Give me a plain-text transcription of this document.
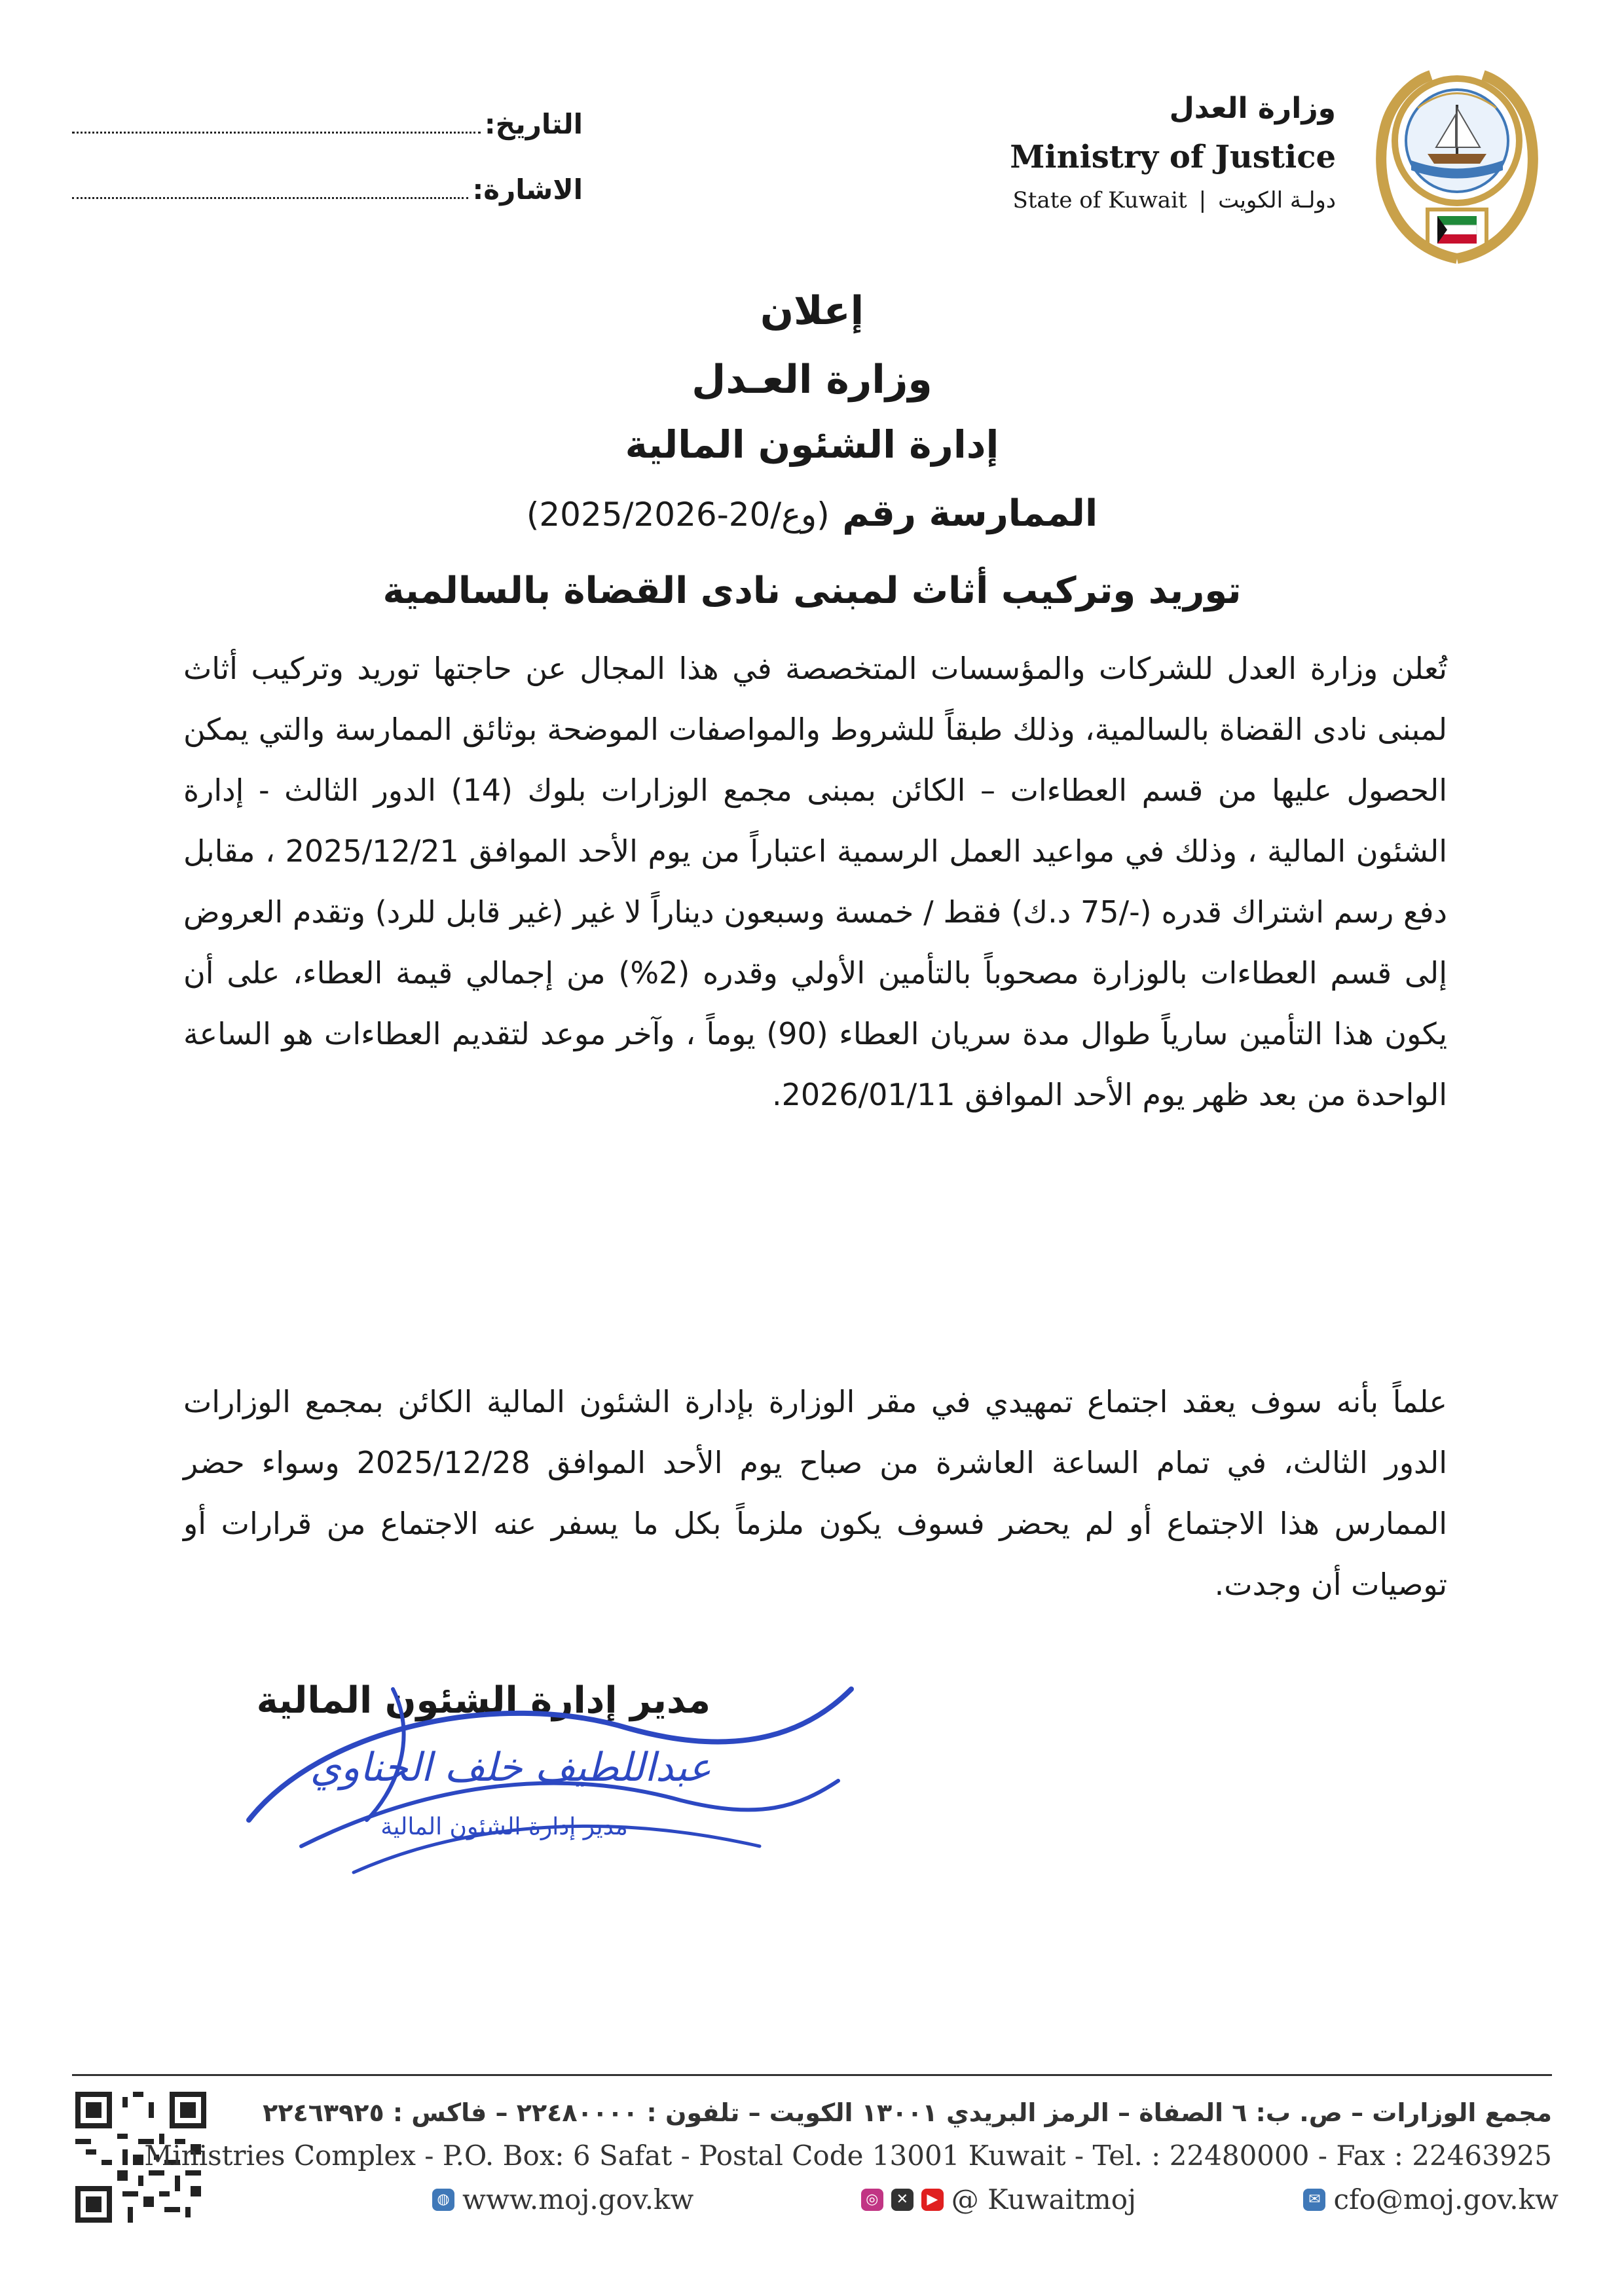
وزارة العدل
Ministry of Justice
State of Kuwait | دولـة الكويت
التاريخ:
الاشارة:
إعلان
وزارة العـدل
إدارة الشئون المالية
الممارسة رقم (وع/20-2025/2026)
توريد وتركيب أثاث لمبنى نادى القضاة بالسالمية
تُعلن وزارة العدل للشركات والمؤسسات المتخصصة في هذا المجال عن حاجتها توريد وتركيب أثاث لمبنى نادى القضاة بالسالمية، وذلك طبقاً للشروط والمواصفات الموضحة بوثائق الممارسة والتي يمكن الحصول عليها من قسم العطاءات – الكائن بمبنى مجمع الوزارات بلوك (14) الدور الثالث - إدارة الشئون المالية ، وذلك في مواعيد العمل الرسمية اعتباراً من يوم الأحد الموافق 2025/12/21 ، مقابل دفع رسم اشتراك قدره (-/75 د.ك) فقط / خمسة وسبعون ديناراً لا غير (غير قابل للرد) وتقدم العروض إلى قسم العطاءات بالوزارة مصحوباً بالتأمين الأولي وقدره (2%) من إجمالي قيمة العطاء، على أن يكون هذا التأمين سارياً طوال مدة سريان العطاء (90) يوماً ، وآخر موعد لتقديم العطاءات هو الساعة الواحدة من بعد ظهر يوم الأحد الموافق 2026/01/11.
علماً بأنه سوف يعقد اجتماع تمهيدي في مقر الوزارة بإدارة الشئون المالية الكائن بمجمع الوزارات الدور الثالث، في تمام الساعة العاشرة من صباح يوم الأحد الموافق 2025/12/28 وسواء حضر الممارس هذا الاجتماع أو لم يحضر فسوف يكون ملزماً بكل ما يسفر عنه الاجتماع من قرارات أو توصيات أن وجدت.
مدير إدارة الشئون المالية
عبداللطيف خلف الحناوي
مدير إدارة الشئون المالية
مجمع الوزارات – ص. ب: ٦ الصفاة – الرمز البريدي ١٣٠٠١ الكويت – تلفون : ٢٢٤٨٠٠٠٠ – فاكس : ٢٢٤٦٣٩٢٥
Ministries Complex - P.O. Box: 6 Safat - Postal Code 13001 Kuwait - Tel. : 22480000 - Fax : 22463925
◍ www.moj.gov.kw	◎	✕	▶ @ Kuwaitmoj	✉ cfo@moj.gov.kw
